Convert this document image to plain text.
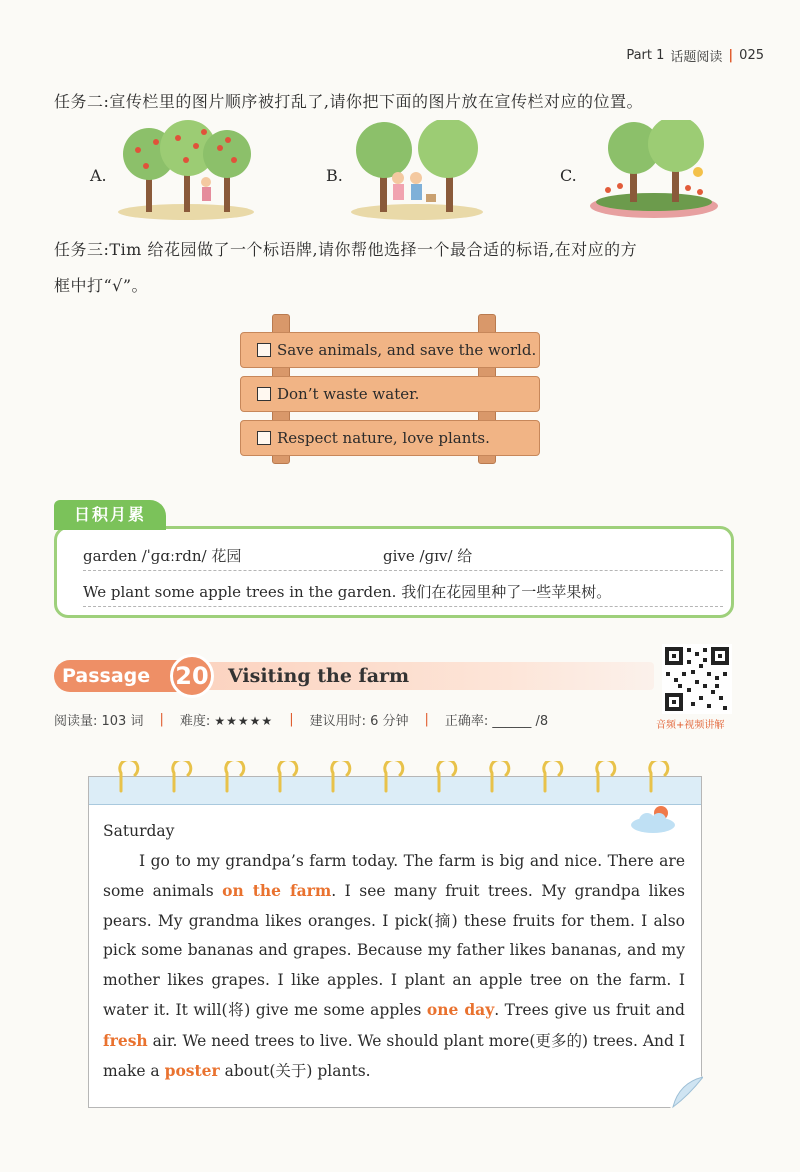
Part 1 话题阅读 | 025
任务二:宣传栏里的图片顺序被打乱了,请你把下面的图片放在宣传栏对应的位置。
A.	B.	C.
任务三:Tim 给花园做了一个标语牌,请你帮他选择一个最合适的标语,在对应的方
框中打“√”。
Save animals, and save the world.
Don’t waste water.
Respect nature, love plants.
garden /ˈɡɑːrdn/ 花园	give /ɡɪv/ 给
We plant some apple trees in the garden. 我们在花园里种了一些苹果树。
日积月累
Passage	20 Visiting the farm
音频+视频讲解
阅读量: 103 词 | 难度: ★★★★★ | 建议用时: 6 分钟 | 正确率: ______ /8
Saturday
I go to my grandpa’s farm today. The farm is big and nice. There are some animals on the farm. I see many fruit trees. My grandpa likes pears. My grandma likes oranges. I pick(摘) these fruits for them. I also pick some bananas and grapes. Because my father likes bananas, and my mother likes grapes. I like apples. I plant an apple tree on the farm. I water it. It will(将) give me some apples one day. Trees give us fruit and fresh air. We need trees to live. We should plant more(更多的) trees. And I make a poster about(关于) plants.
